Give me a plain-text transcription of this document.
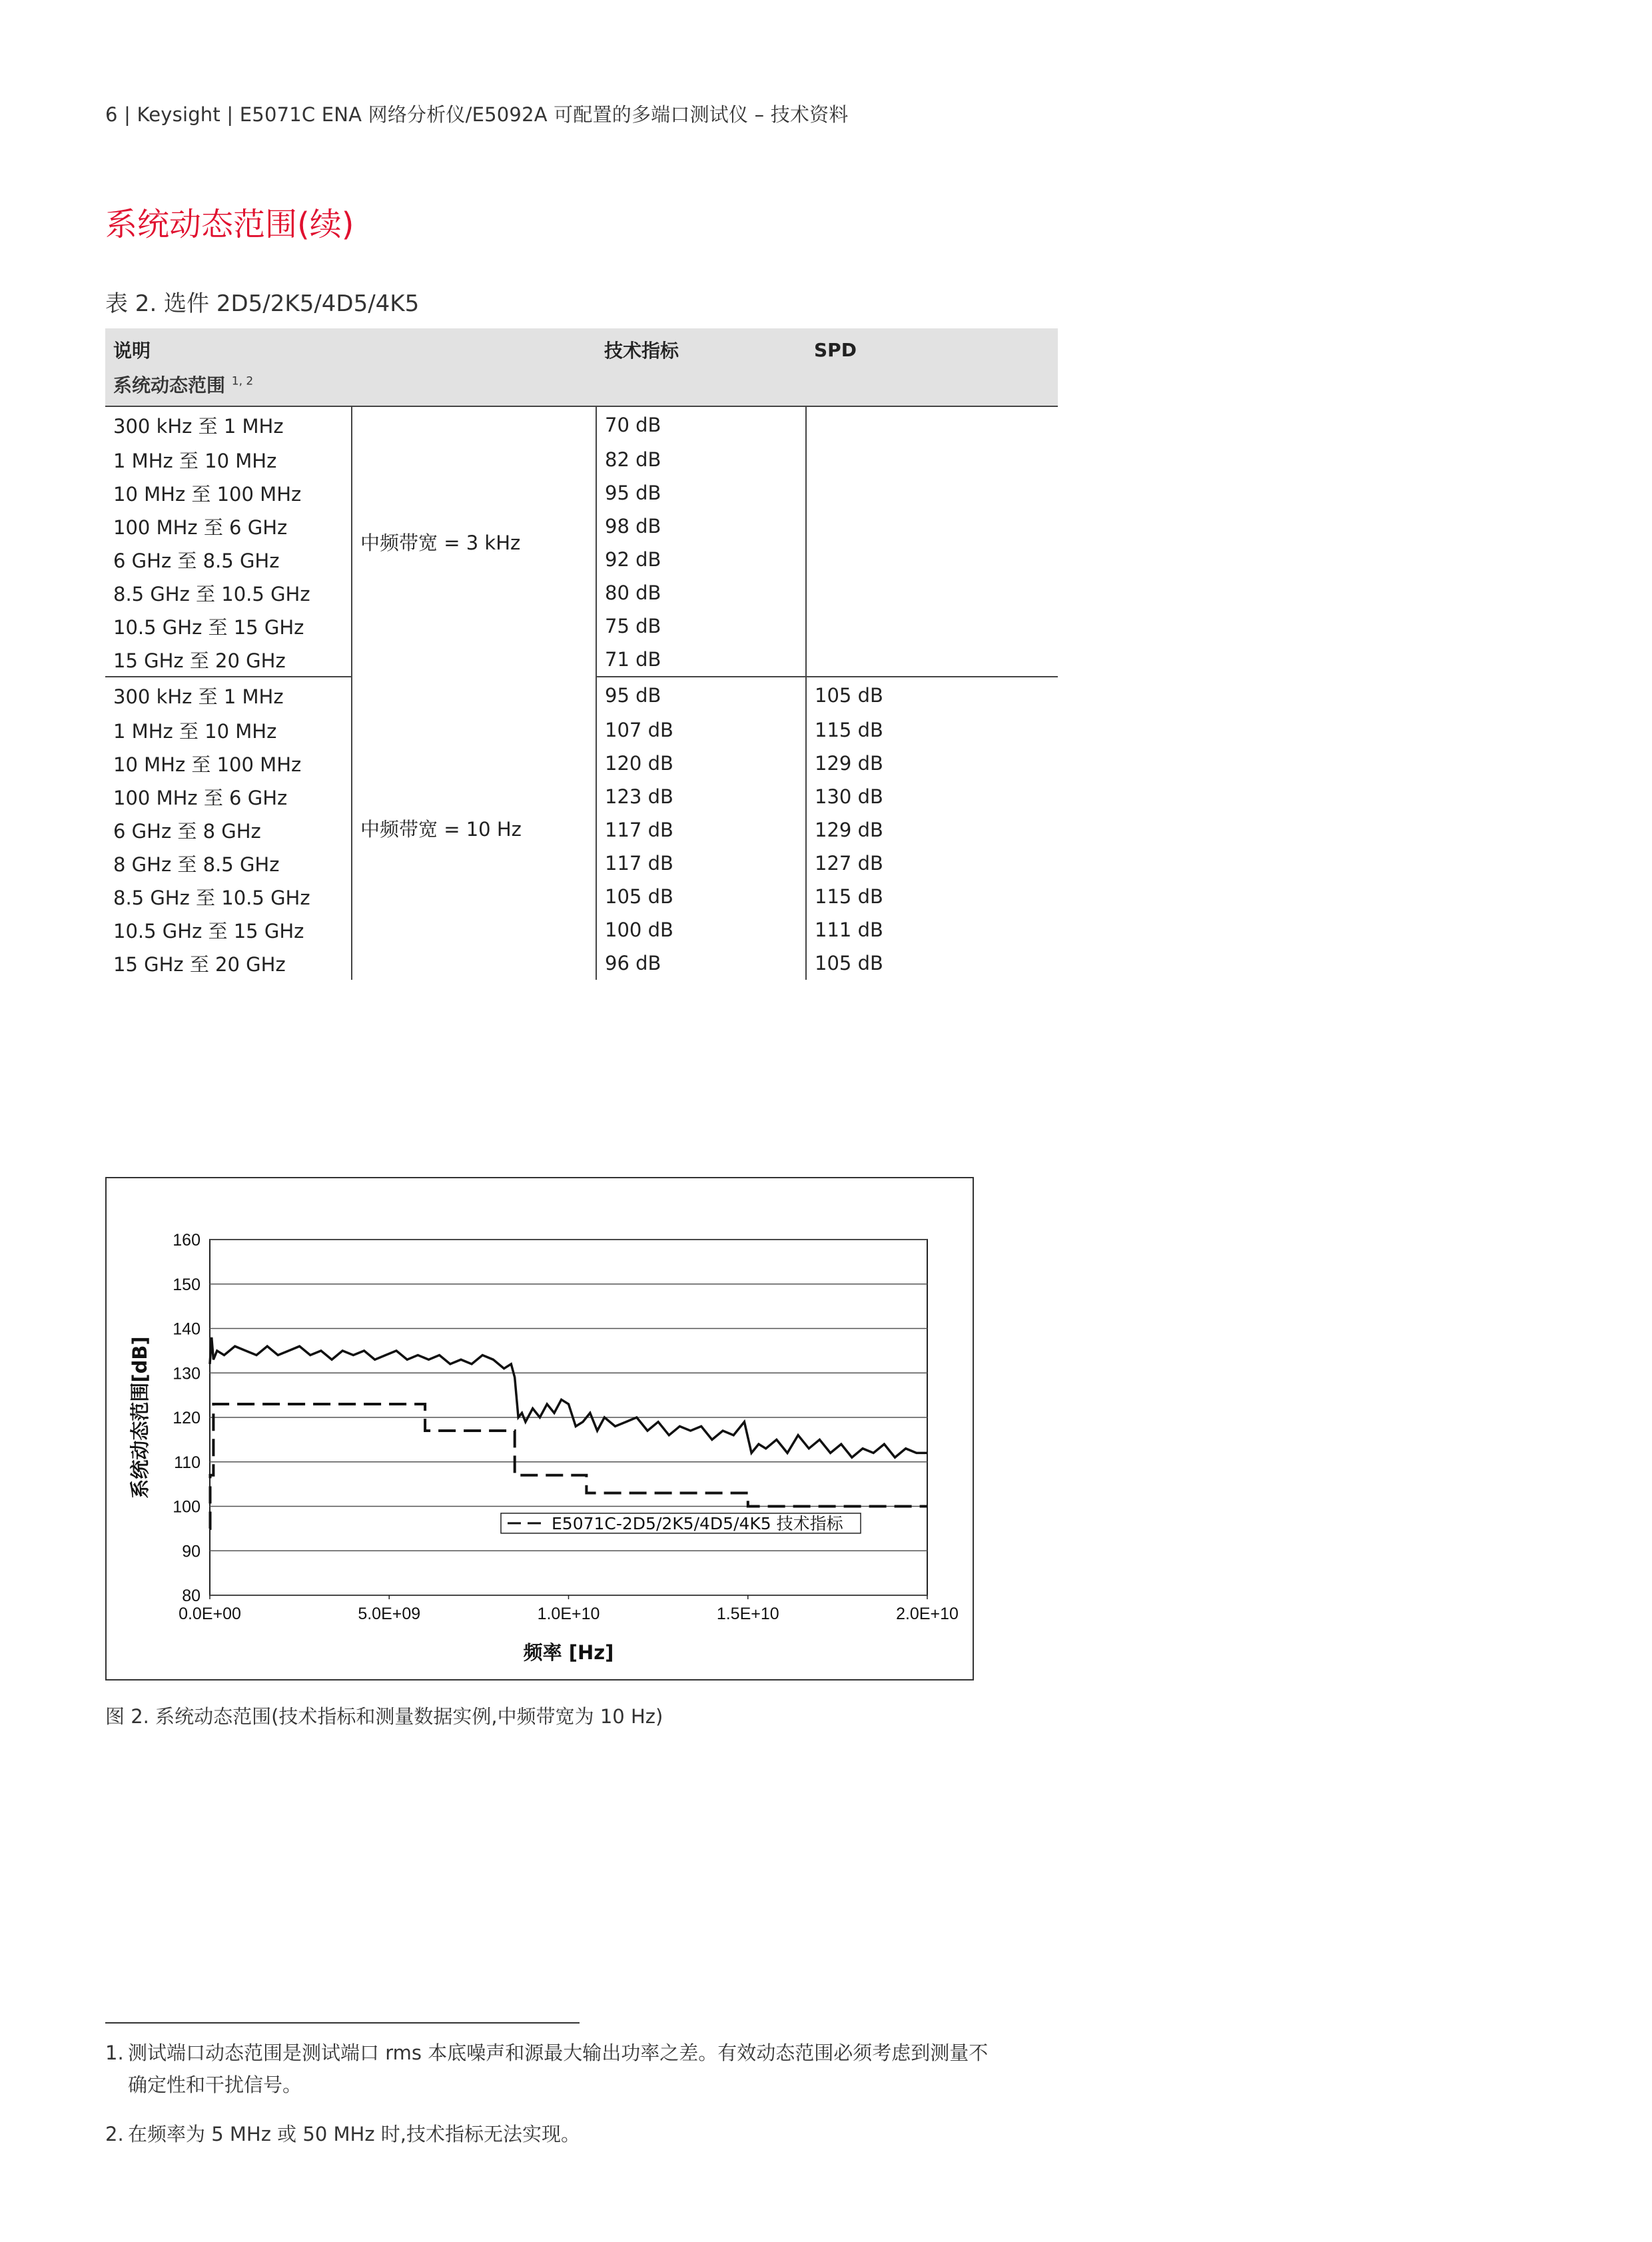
6 | Keysight | E5071C ENA 网络分析仪/E5092A 可配置的多端口测试仪 – 技术资料
系统动态范围(续)
表 2. 选件 2D5/2K5/4D5/4K5
说明		技术指标	SPD
系统动态范围 $^{1, 2}$
300 kHz 至 1 MHz	中频带宽 = 3 kHz	70 dB	
1 MHz 至 10 MHz		82 dB	
10 MHz 至 100 MHz		95 dB	
100 MHz 至 6 GHz		98 dB	
6 GHz 至 8.5 GHz		92 dB	
8.5 GHz 至 10.5 GHz		80 dB	
10.5 GHz 至 15 GHz		75 dB	
15 GHz 至 20 GHz		71 dB	
300 kHz 至 1 MHz	中频带宽 = 10 Hz	95 dB	105 dB
1 MHz 至 10 MHz		107 dB	115 dB
10 MHz 至 100 MHz		120 dB	129 dB
100 MHz 至 6 GHz		123 dB	130 dB
6 GHz 至 8 GHz		117 dB	129 dB
8 GHz 至 8.5 GHz		117 dB	127 dB
8.5 GHz 至 10.5 GHz		105 dB	115 dB
10.5 GHz 至 15 GHz		100 dB	111 dB
15 GHz 至 20 GHz		96 dB	105 dB
80
90
100
110
120
130
140
150
160
0.0E+00	5.0E+09	1.0E+10	1.5E+10	2.0E+10
频率 [Hz]
系统动态范围[dB]
E5071C-2D5/2K5/4D5/4K5 技术指标
图 2. 系统动态范围(技术指标和测量数据实例,中频带宽为 10 Hz)
1. 测试端口动态范围是测试端口 rms 本底噪声和源最大输出功率之差。有效动态范围必须考虑到测量不
确定性和干扰信号。
2. 在频率为 5 MHz 或 50 MHz 时,技术指标无法实现。
